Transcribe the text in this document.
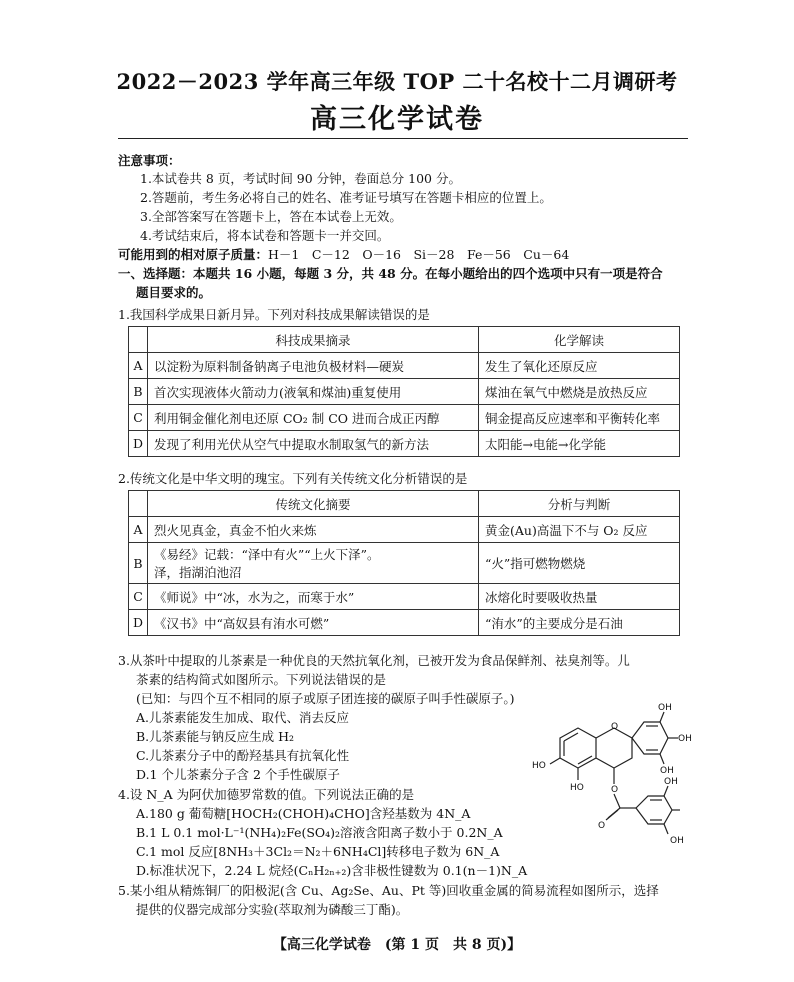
2022－2023 学年高三年级 TOP 二十名校十二月调研考
高三化学试卷
注意事项：
1.本试卷共 8 页，考试时间 90 分钟，卷面总分 100 分。
2.答题前，考生务必将自己的姓名、准考证号填写在答题卡相应的位置上。
3.全部答案写在答题卡上，答在本试卷上无效。
4.考试结束后，将本试卷和答题卡一并交回。
可能用到的相对原子质量：H－1　C－12　O－16　Si－28　Fe－56　Cu－64
一、选择题：本题共 16 小题，每题 3 分，共 48 分。在每小题给出的四个选项中只有一项是符合
题目要求的。
1.我国科学成果日新月异。下列对科技成果解读错误的是
	科技成果摘录	化学解读
A	以淀粉为原料制备钠离子电池负极材料—硬炭	发生了氧化还原反应
B	首次实现液体火箭动力(液氧和煤油)重复使用	煤油在氧气中燃烧是放热反应
C	利用铜金催化剂电还原 CO₂ 制 CO 进而合成正丙醇	铜金提高反应速率和平衡转化率
D	发现了利用光伏从空气中提取水制取氢气的新方法	太阳能→电能→化学能
2.传统文化是中华文明的瑰宝。下列有关传统文化分析错误的是
	传统文化摘要	分析与判断
A	烈火见真金，真金不怕火来炼	黄金(Au)高温下不与 O₂ 反应
B	《易经》记载：“泽中有火”“上火下泽”。
泽，指湖泊池沼	“火”指可燃物燃烧
C	《师说》中“冰，水为之，而寒于水”	冰熔化时要吸收热量
D	《汉书》中“高奴县有洧水可燃”	“洧水”的主要成分是石油
3.从茶叶中提取的儿茶素是一种优良的天然抗氧化剂，已被开发为食品保鲜剂、祛臭剂等。儿
茶素的结构简式如图所示。下列说法错误的是
(已知：与四个互不相同的原子或原子团连接的碳原子叫手性碳原子。)
A.儿茶素能发生加成、取代、消去反应
B.儿茶素能与钠反应生成 H₂
C.儿茶素分子中的酚羟基具有抗氧化性
D.1 个儿茶素分子含 2 个手性碳原子
HO
HO
OH
OH
OH
OH
OH
O
O
O
4.设 N_A 为阿伏加德罗常数的值。下列说法正确的是
A.180 g 葡萄糖[HOCH₂(CHOH)₄CHO]含羟基数为 4N_A
B.1 L 0.1 mol·L⁻¹(NH₄)₂Fe(SO₄)₂溶液含阳离子数小于 0.2N_A
C.1 mol 反应[8NH₃＋3Cl₂＝N₂＋6NH₄Cl]转移电子数为 6N_A
D.标准状况下，2.24 L 烷烃(CₙH₂ₙ₊₂)含非极性键数为 0.1(n－1)N_A
5.某小组从精炼铜厂的阳极泥(含 Cu、Ag₂Se、Au、Pt 等)回收重金属的简易流程如图所示，选择
提供的仪器完成部分实验(萃取剂为磷酸三丁酯)。
【高三化学试卷　(第 1 页　共 8 页)】
